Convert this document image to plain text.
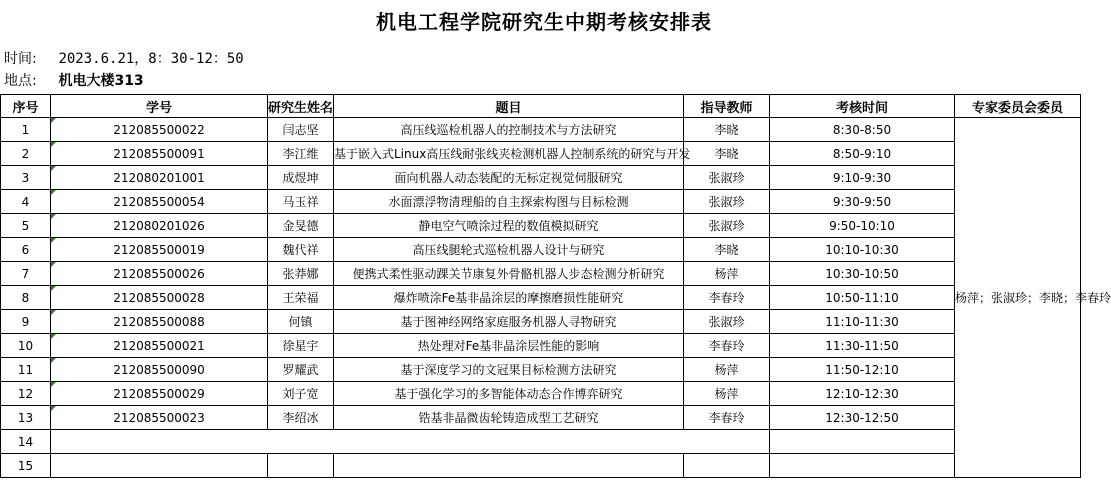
机电工程学院研究生中期考核安排表
时间: 2023.6.21，8：30-12：50
地点: 机电大楼313
序号	学号	研究生姓名	题目	指导教师	考核时间	专家委员会委员
1	212085500022	闫志坚	高压线巡检机器人的控制技术与方法研究	李晓	8:30-8:50	杨萍；张淑珍；李晓；李春玲
2	212085500091	李江维	基于嵌入式Linux高压线耐张线夹检测机器人控制系统的研究与开发	李晓	8:50-9:10	
3	212080201001	成煜坤	面向机器人动态装配的无标定视觉伺服研究	张淑珍	9:10-9:30	
4	212085500054	马玉祥	水面漂浮物清理船的自主探索构图与目标检测	张淑珍	9:30-9:50	
5	212080201026	金旻德	静电空气喷涂过程的数值模拟研究	张淑珍	9:50-10:10	
6	212085500019	魏代祥	高压线腿轮式巡检机器人设计与研究	李晓	10:10-10:30	
7	212085500026	张莽娜	便携式柔性驱动踝关节康复外骨骼机器人步态检测分析研究	杨萍	10:30-10:50	
8	212085500028	王荣福	爆炸喷涂Fe基非晶涂层的摩擦磨损性能研究	李春玲	10:50-11:10	
9	212085500088	何镇	基于图神经网络家庭服务机器人寻物研究	张淑珍	11:10-11:30	
10	212085500021	徐星宇	热处理对Fe基非晶涂层性能的影响	李春玲	11:30-11:50	
11	212085500090	罗耀武	基于深度学习的文冠果目标检测方法研究	杨萍	11:50-12:10	
12	212085500029	刘子宽	基于强化学习的多智能体动态合作博弈研究	杨萍	12:10-12:30	
13	212085500023	李绍冰	锆基非晶微齿轮铸造成型工艺研究	李春玲	12:30-12:50	
14						
15						
